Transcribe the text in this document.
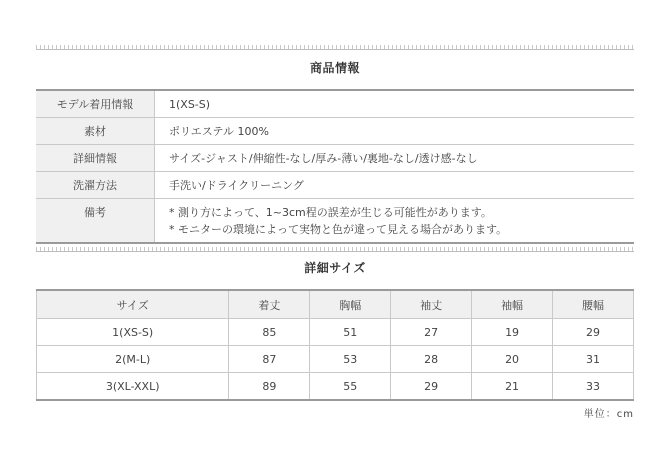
商品情報
モデル着用情報	1(XS-S)
素材	ポリエステル 100%
詳細情報	サイズ-ジャスト/伸縮性-なし/厚み-薄い/裏地-なし/透け感-なし
洗濯方法	手洗い/ドライクリーニング
備考	* 測り方によって、1~3cm程の誤差が生じる可能性があります。
* モニターの環境によって実物と色が違って見える場合があります。
詳細サイズ
サイズ	着丈	胸幅	袖丈	袖幅	腰幅
1(XS-S)	85	51	27	19	29
2(M-L)	87	53	28	20	31
3(XL-XXL)	89	55	29	21	33
単位：cm
